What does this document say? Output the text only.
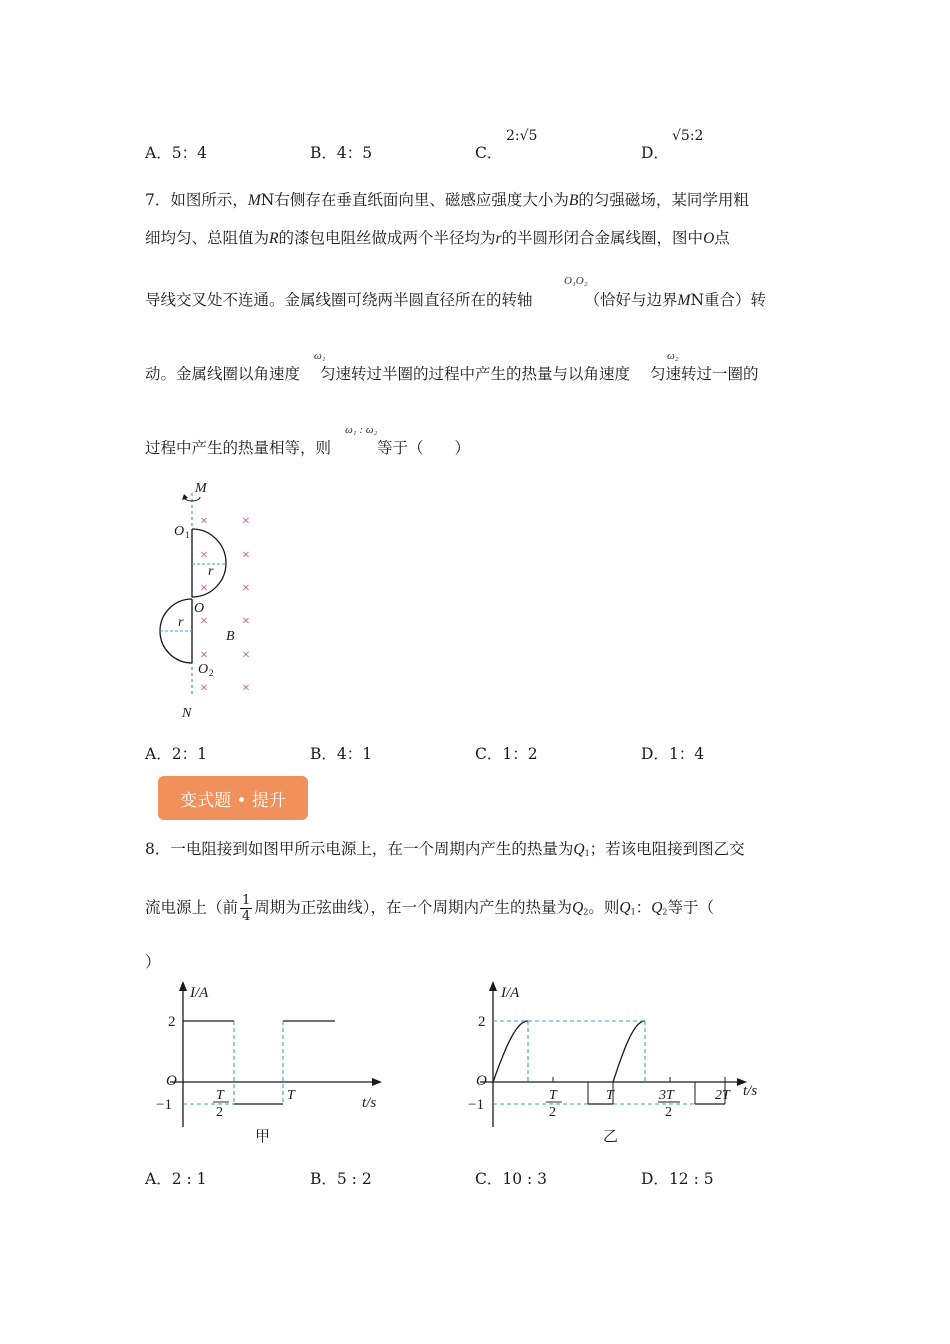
A．5：4	B．4：5	C．
2:√5
D．
√5:2
7．如图所示，MN右侧存在垂直纸面向里、磁感应强度大小为B的匀强磁场，某同学用粗
细均匀、总阻值为R的漆包电阻丝做成两个半径均为r的半圆形闭合金属线圈，图中O点
导线交叉处不连通。金属线圈可绕两半圆直径所在的转轴	（恰好与边界MN重合）转
O₁O₂
动。金属线圈以角速度 匀速转过半圈的过程中产生的热量与以角速度 匀速转过一圈的
ω₁	ω₂
过程中产生的热量相等，则	等于（　　）
ω₁ : ω₂
× ×
× ×
× ×
× ×
× ×
× ×
M
O 1
r
O
r
B
O 2
N
A．2：1	B．4：1	C．1：2	D．1：4
变式题 • 提升
8．一电阻接到如图甲所示电源上，在一个周期内产生的热量为$Q_1$；若该电阻接到图乙交
流电源上（前 $\frac{1}{4}$ 周期为正弦曲线），在一个周期内产生的热量为$Q_2$。则$Q_1$：$Q_2$等于（
）
I/A
t/s
O
2
−1
T
2
T
甲
I/A
t/s
O
2
−1
T
2
T	3T
2
2T
乙
A．2 : 1	B．5 : 2	C．10 : 3	D．12 : 5
